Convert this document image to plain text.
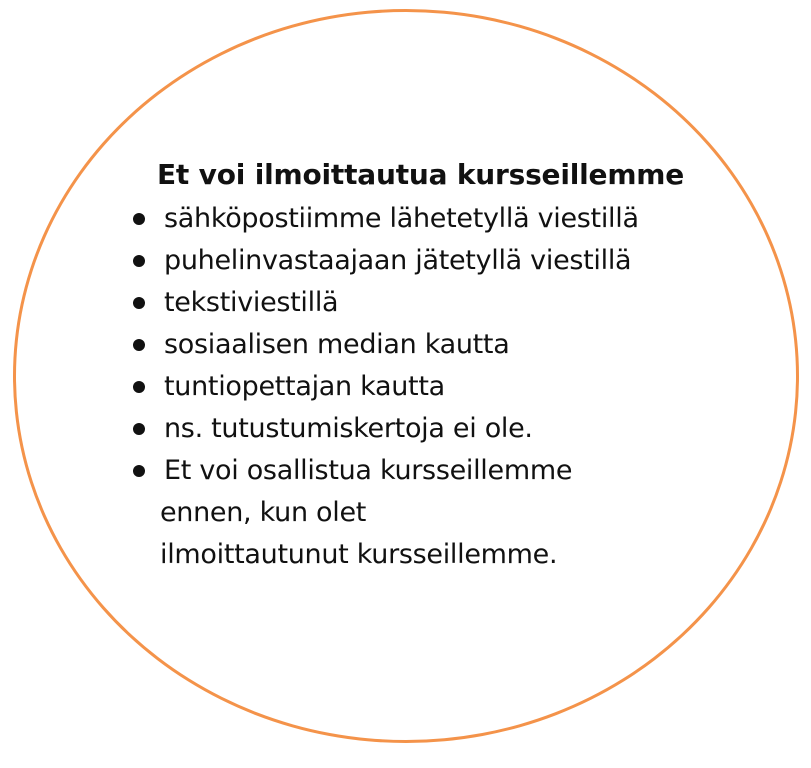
Et voi ilmoittautua kursseillemme
sähköpostiimme lähetetyllä viestillä
puhelinvastaajaan jätetyllä viestillä
tekstiviestillä
sosiaalisen median kautta
tuntiopettajan kautta
ns. tutustumiskertoja ei ole.
Et voi osallistua kursseillemme
ennen, kun olet
ilmoittautunut kursseillemme.
